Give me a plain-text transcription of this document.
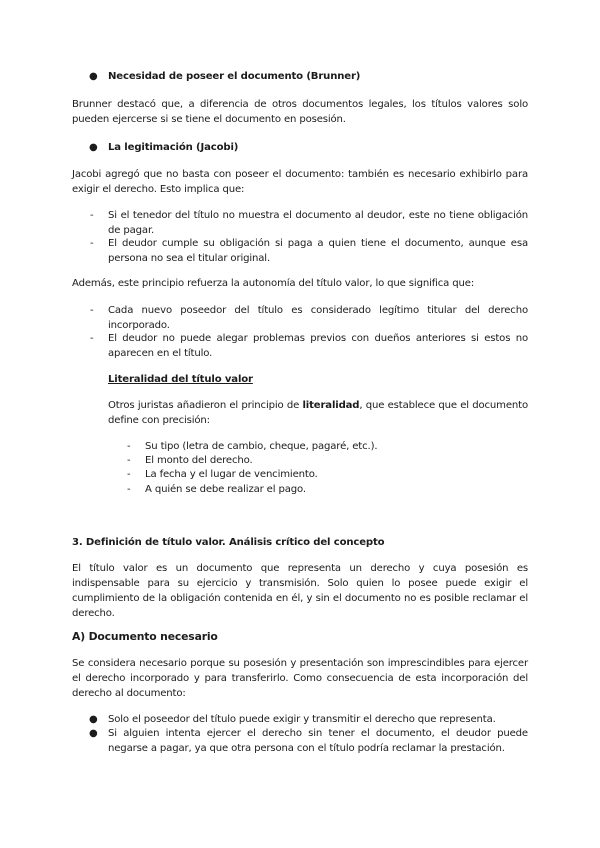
● Necesidad de poseer el documento (Brunner)
Brunner destacó que, a diferencia de otros documentos legales, los títulos valores solo pueden ejercerse si se tiene el documento en posesión.
● La legitimación (Jacobi)
Jacobi agregó que no basta con poseer el documento: también es necesario exhibirlo para exigir el derecho. Esto implica que:
- Si el tenedor del título no muestra el documento al deudor, este no tiene obligación de pagar.
- El deudor cumple su obligación si paga a quien tiene el documento, aunque esa persona no sea el titular original.
Además, este principio refuerza la autonomía del título valor, lo que significa que:
- Cada nuevo poseedor del título es considerado legítimo titular del derecho incorporado.
- El deudor no puede alegar problemas previos con dueños anteriores si estos no aparecen en el título.
Literalidad del título valor
Otros juristas añadieron el principio de literalidad, que establece que el documento define con precisión:
- Su tipo (letra de cambio, cheque, pagaré, etc.).
- El monto del derecho.
- La fecha y el lugar de vencimiento.
- A quién se debe realizar el pago.
3. Definición de título valor. Análisis crítico del concepto
El título valor es un documento que representa un derecho y cuya posesión es indispensable para su ejercicio y transmisión. Solo quien lo posee puede exigir el cumplimiento de la obligación contenida en él, y sin el documento no es posible reclamar el derecho.
A) Documento necesario
Se considera necesario porque su posesión y presentación son imprescindibles para ejercer el derecho incorporado y para transferirlo. Como consecuencia de esta incorporación del derecho al documento:
● Solo el poseedor del título puede exigir y transmitir el derecho que representa.
● Si alguien intenta ejercer el derecho sin tener el documento, el deudor puede negarse a pagar, ya que otra persona con el título podría reclamar la prestación.
